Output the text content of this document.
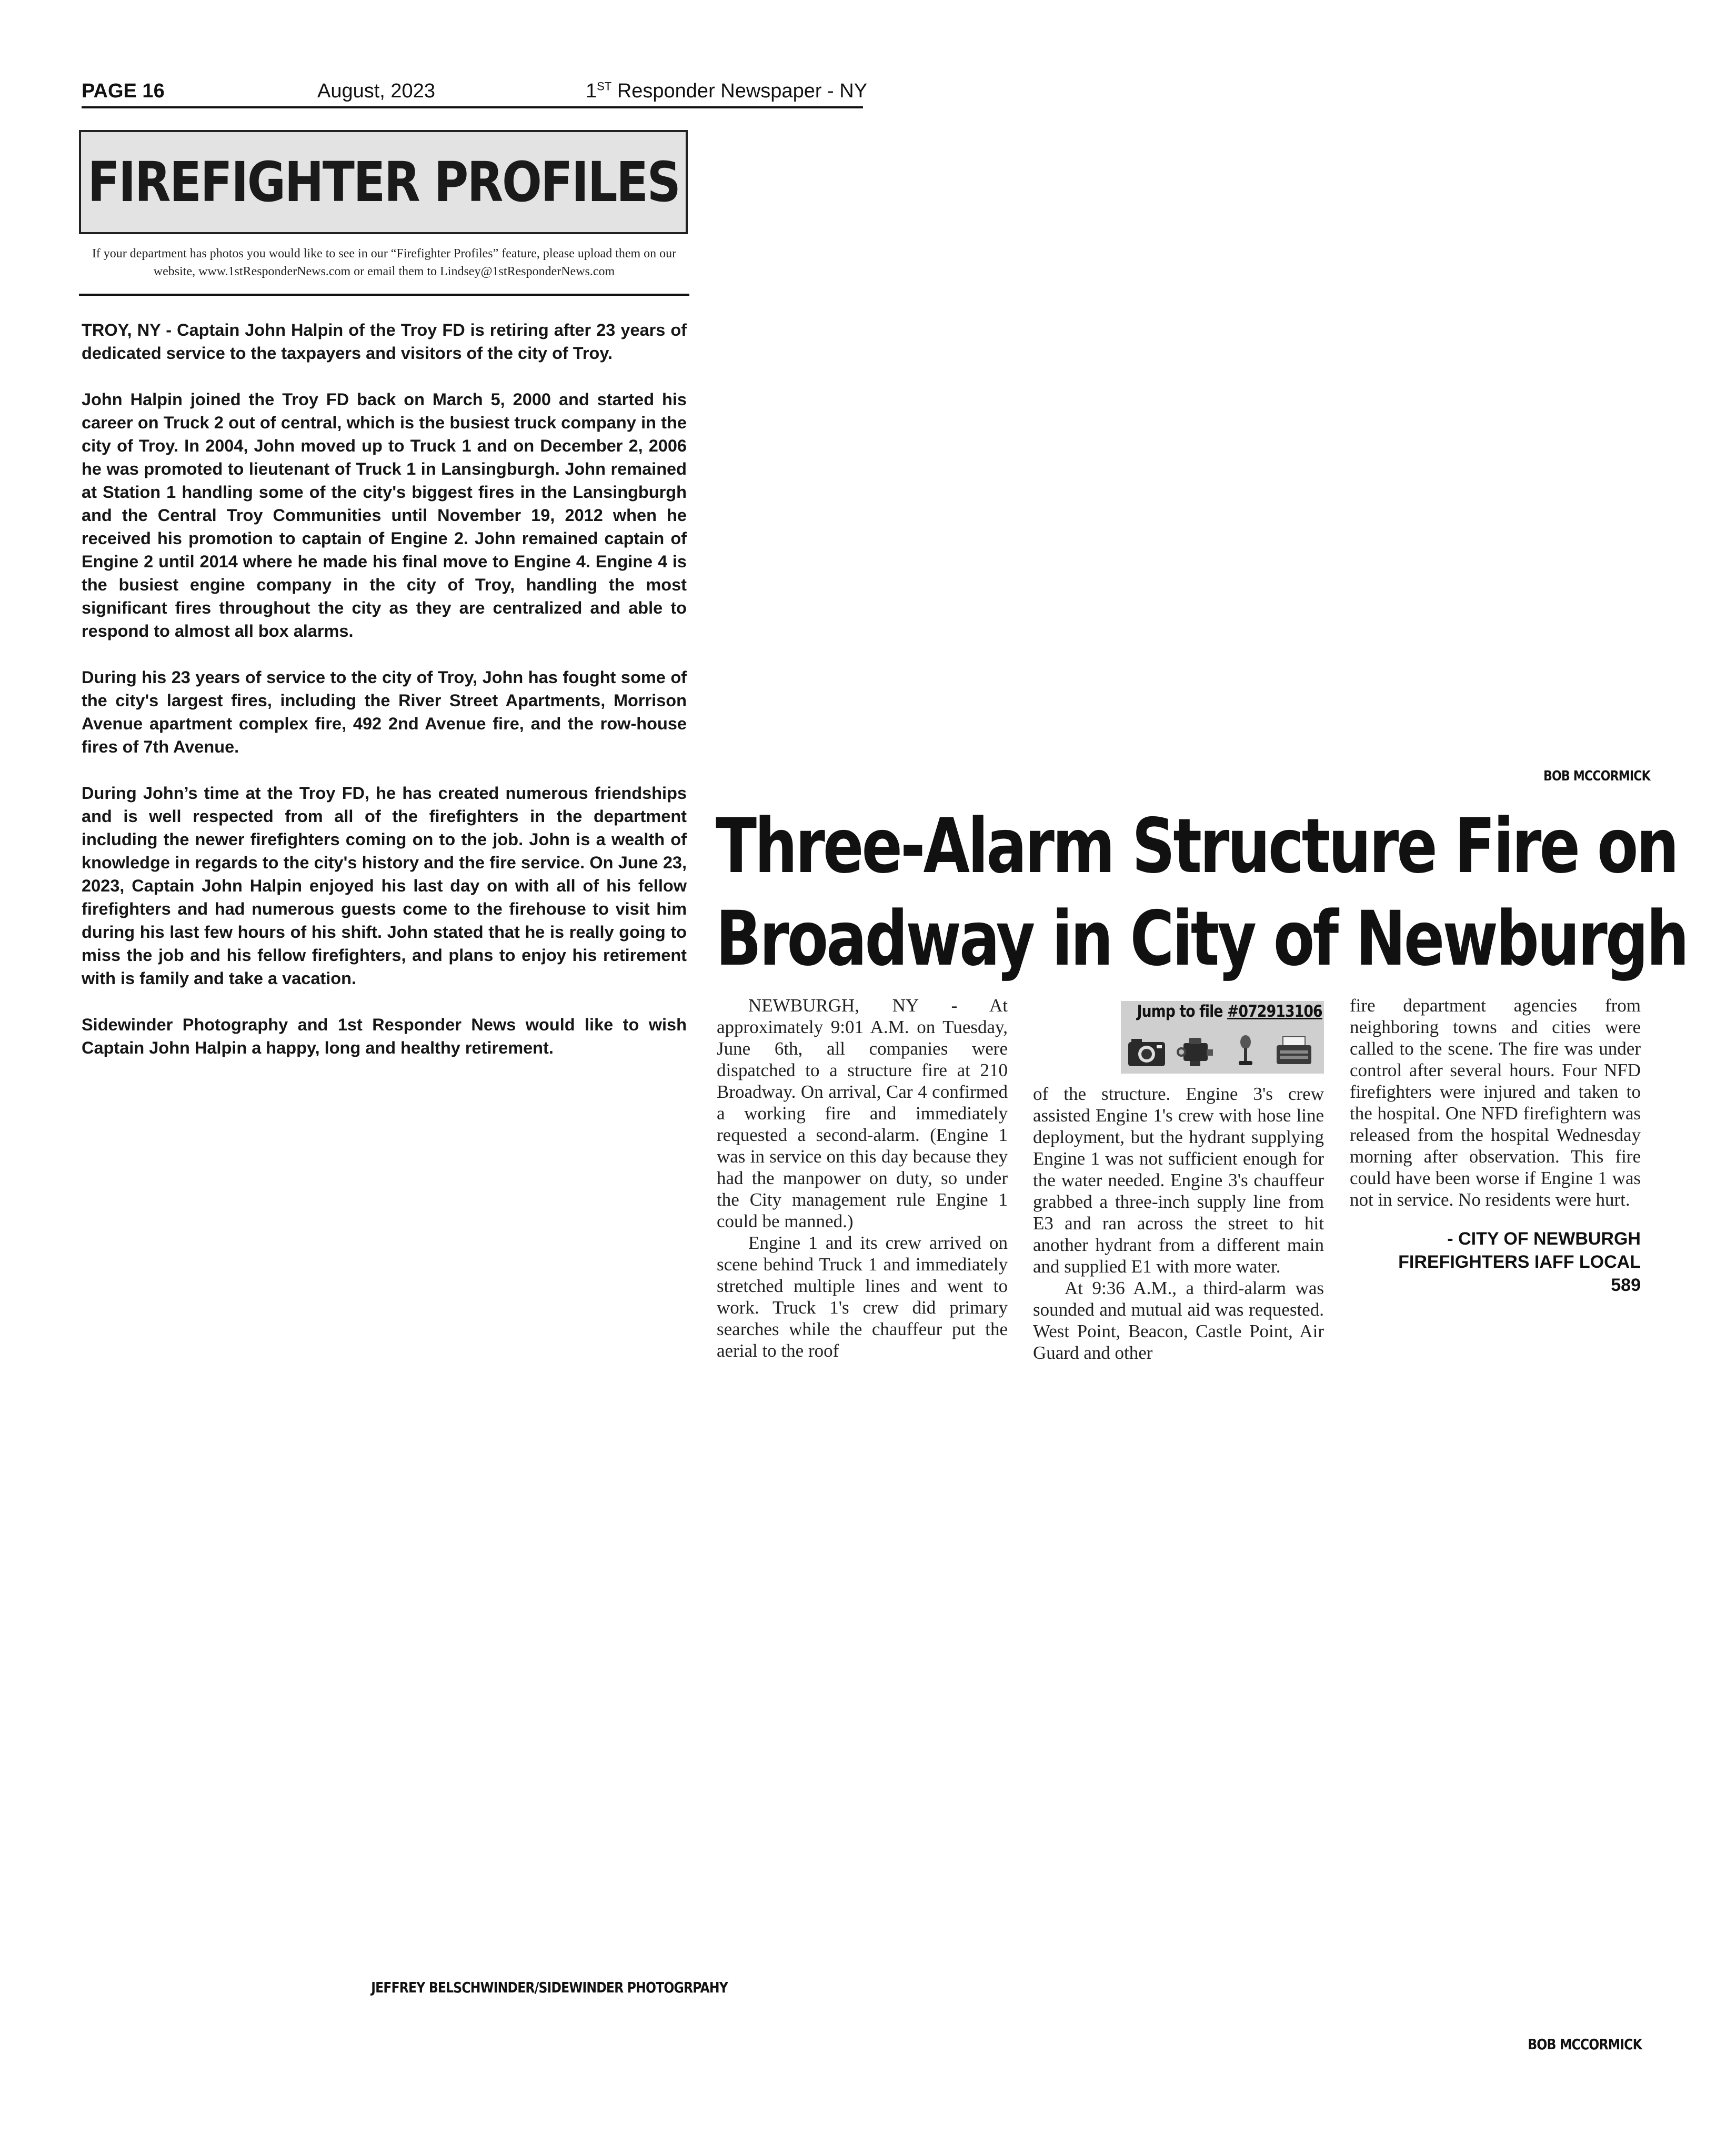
PAGE 16	August, 2023	1ST Responder Newspaper - NY
FIREFIGHTER PROFILES
If your department has photos you would like to see in our “Firefighter Profiles” feature, please upload them on our website, www.1stResponderNews.com or email them to Lindsey@1stResponderNews.com

TROY, NY - Captain John Halpin of the Troy FD is retiring after 23 years of dedicated service to the taxpayers and visitors of the city of Troy.

John Halpin joined the Troy FD back on March 5, 2000 and started his career on Truck 2 out of central, which is the busiest truck company in the city of Troy. In 2004, John moved up to Truck 1 and on December 2, 2006 he was promoted to lieutenant of Truck 1 in Lansingburgh. John remained at Station 1 handling some of the city's biggest fires in the Lansingburgh and the Central Troy Communities until November 19, 2012 when he received his promotion to captain of Engine 2. John remained captain of Engine 2 until 2014 where he made his final move to Engine 4. Engine 4 is the busiest engine company in the city of Troy, handling the most significant fires throughout the city as they are centralized and able to respond to almost all box alarms.

During his 23 years of service to the city of Troy, John has fought some of the city's largest fires, including the River Street Apartments, Morrison Avenue apartment complex fire, 492 2nd Avenue fire, and the row-house fires of 7th Avenue.

During John’s time at the Troy FD, he has created numerous friendships and is well respected from all of the firefighters in the department including the newer firefighters coming on to the job. John is a wealth of knowledge in regards to the city's history and the fire service. On June 23, 2023, Captain John Halpin enjoyed his last day on with all of his fellow firefighters and had numerous guests come to the firehouse to visit him during his last few hours of his shift. John stated that he is really going to miss the job and his fellow firefighters, and plans to enjoy his retirement with is family and take a vacation.

Sidewinder Photography and 1st Responder News would like to wish Captain John Halpin a happy, long and healthy retirement.

BOB MCCORMICK
Three-Alarm Structure Fire on
Broadway in City of Newburgh

NEWBURGH, NY - At approximately 9:01 A.M. on Tuesday, June 6th, all companies were dispatched to a structure fire at 210 Broadway. On arrival, Car 4 confirmed a working fire and immediately requested a second-alarm. (Engine 1 was in service on this day because they had the manpower on duty, so under the City management rule Engine 1 could be manned.)

Engine 1 and its crew arrived on scene behind Truck 1 and immediately stretched multiple lines and went to work. Truck 1's crew did primary searches while the chauffeur put the aerial to the roof

Jump to file #072913106

of the structure. Engine 3's crew assisted Engine 1's crew with hose line deployment, but the hydrant supplying Engine 1 was not sufficient enough for the water needed. Engine 3's chauffeur grabbed a three-inch supply line from E3 and ran across the street to hit another hydrant from a different main and supplied E1 with more water.

At 9:36 A.M., a third-alarm was sounded and mutual aid was requested. West Point, Beacon, Castle Point, Air Guard and other

fire department agencies from neighboring towns and cities were called to the scene. The fire was under control after several hours. Four NFD firefighters were injured and taken to the hospital. One NFD firefightern was released from the hospital Wednesday morning after observation. This fire could have been worse if Engine 1 was not in service. No residents were hurt.

- CITY OF NEWBURGH
FIREFIGHTERS IAFF LOCAL
589
JEFFREY BELSCHWINDER/SIDEWINDER PHOTOGRPAHY
BOB MCCORMICK
